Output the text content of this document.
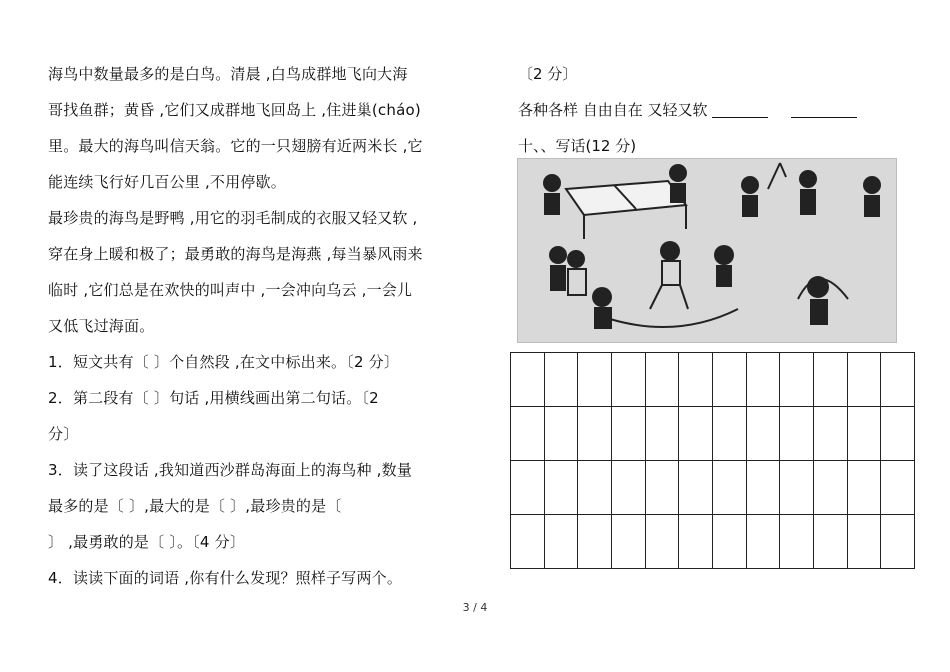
海鸟中数量最多的是白鸟。清晨 ,白鸟成群地飞向大海
哥找鱼群；黄昏 ,它们又成群地飞回岛上 ,住进巢(cháo)
里。最大的海鸟叫信天翁。它的一只翅膀有近两米长 ,它
能连续飞行好几百公里 ,不用停歇。
最珍贵的海鸟是野鸭 ,用它的羽毛制成的衣服又轻又软 ,
穿在身上暖和极了；最勇敢的海鸟是海燕 ,每当暴风雨来
临时 ,它们总是在欢快的叫声中 ,一会冲向乌云 ,一会儿
又低飞过海面。
1．短文共有〔 〕个自然段 ,在文中标出来。〔2 分〕
2．第二段有〔 〕句话 ,用横线画出第二句话。〔2
分〕
3．读了这段话 ,我知道西沙群岛海面上的海鸟种 ,数量
最多的是〔 〕,最大的是〔 〕,最珍贵的是〔
〕 ,最勇敢的是〔 〕。〔4 分〕
4．读读下面的词语 ,你有什么发现？照样子写两个。
〔2 分〕
各种各样 自由自在 又轻又软
十、、写话(12 分)
3 / 4
